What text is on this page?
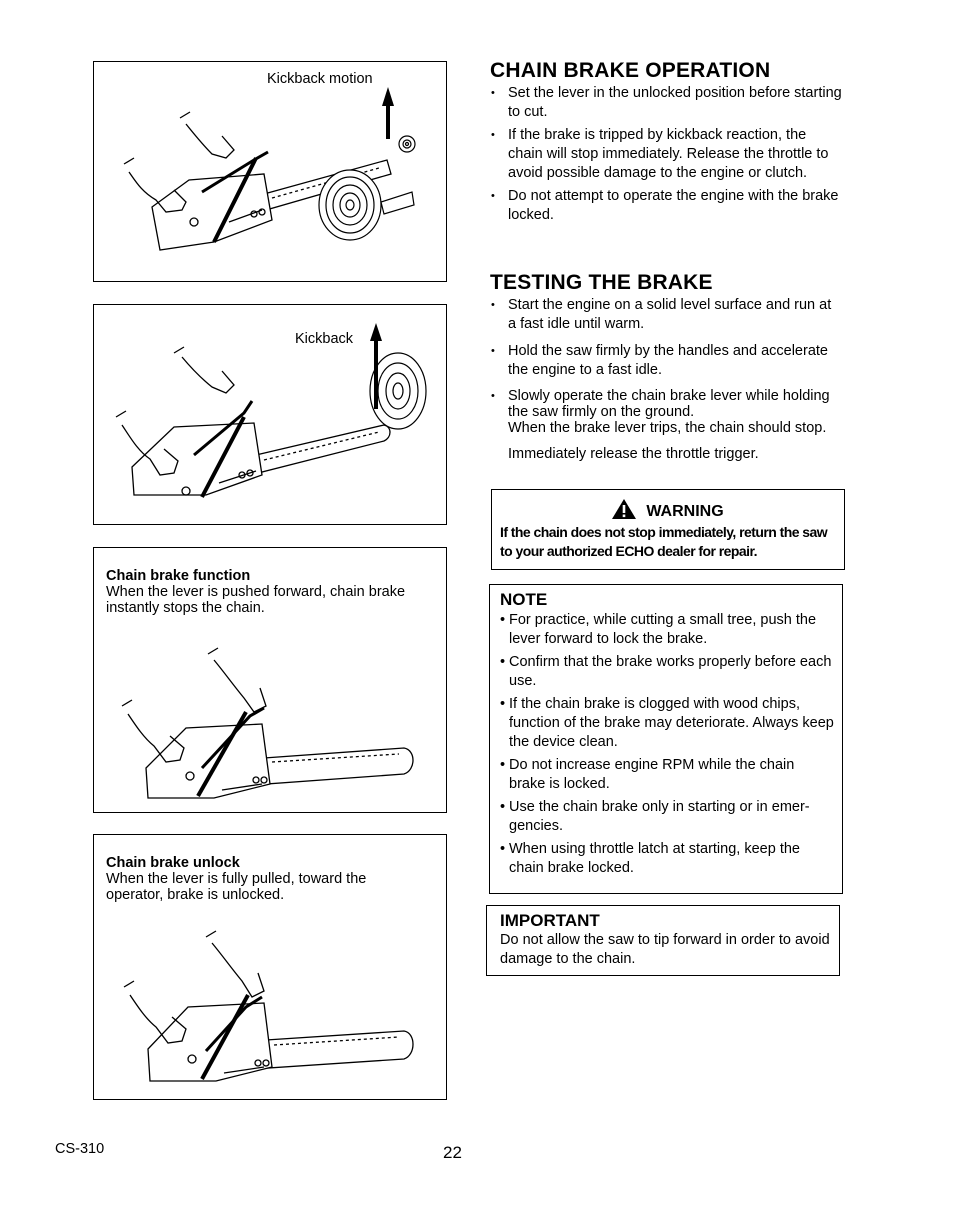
Kickback motion
Kickback
Chain brake function
When the lever is pushed forward, chain brake instantly stops the chain.
Chain brake unlock
When the lever is fully pulled, toward the operator, brake is unlocked.
CHAIN BRAKE OPERATION
• Set the lever in the unlocked position before starting to cut.
• If the brake is tripped by kickback reaction, the chain will stop immediately. Release the throttle to avoid possible damage to the engine or clutch.
• Do not attempt to operate the engine with the brake locked.
TESTING THE BRAKE
• Start the engine on a solid level surface and run at a fast idle until warm.
• Hold the saw firmly by the handles and accelerate the engine to a fast idle.
• Slowly operate the chain brake lever while holding the saw firmly on the ground.
When the brake lever trips, the chain should stop.
Immediately release the throttle trigger.
WARNING
If the chain does not stop immediately, return the saw to your authorized ECHO dealer for repair.
NOTE
• For practice, while cutting a small tree, push the lever forward to lock the brake.
• Confirm that the brake works properly before each use.
• If the chain brake is clogged with wood chips, function of the brake may deteriorate. Always keep the device clean.
• Do not increase engine RPM while the chain brake is locked.
• Use the chain brake only in starting or in emergencies.
• When using throttle latch at starting, keep the chain brake locked.
IMPORTANT
Do not allow the saw to tip forward in order to avoid damage to the chain.
CS-310	22
